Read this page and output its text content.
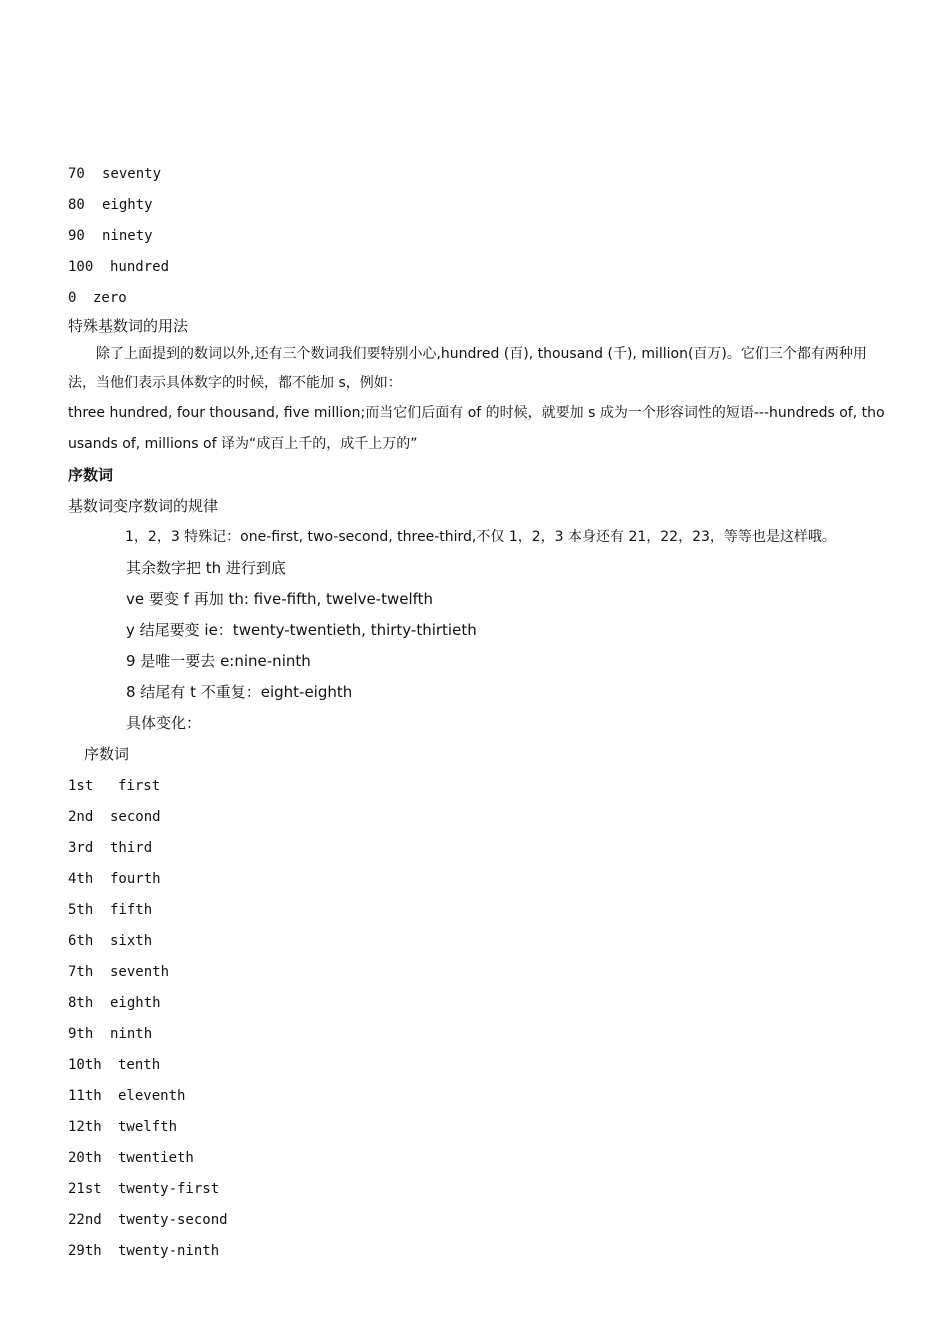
70 seventy
80 eighty
90 ninety
100 hundred
0 zero
特殊基数词的用法
除了上面提到的数词以外,还有三个数词我们要特别小心,hundred (百), thousand (千), million(百万)。它们三个都有两种用法，当他们表示具体数字的时候，都不能加 s，例如：
three hundred, four thousand, five million;而当它们后面有 of 的时候，就要加 s 成为一个形容词性的短语---hundreds of, thousands of, millions of 译为“成百上千的，成千上万的”
序数词
基数词变序数词的规律
1，2，3 特殊记：one-first, two-second, three-third,不仅 1，2，3 本身还有 21，22，23，等等也是这样哦。
其余数字把 th 进行到底
ve 要变 f 再加 th: five-fifth, twelve-twelfth
y 结尾要变 ie：twenty-twentieth, thirty-thirtieth
9 是唯一要去 e:nine-ninth
8 结尾有 t 不重复：eight-eighth
具体变化：
序数词
1st first
2nd second
3rd third
4th fourth
5th fifth
6th sixth
7th seventh
8th eighth
9th ninth
10th tenth
11th eleventh
12th twelfth
20th twentieth
21st twenty-first
22nd twenty-second
29th twenty-ninth
